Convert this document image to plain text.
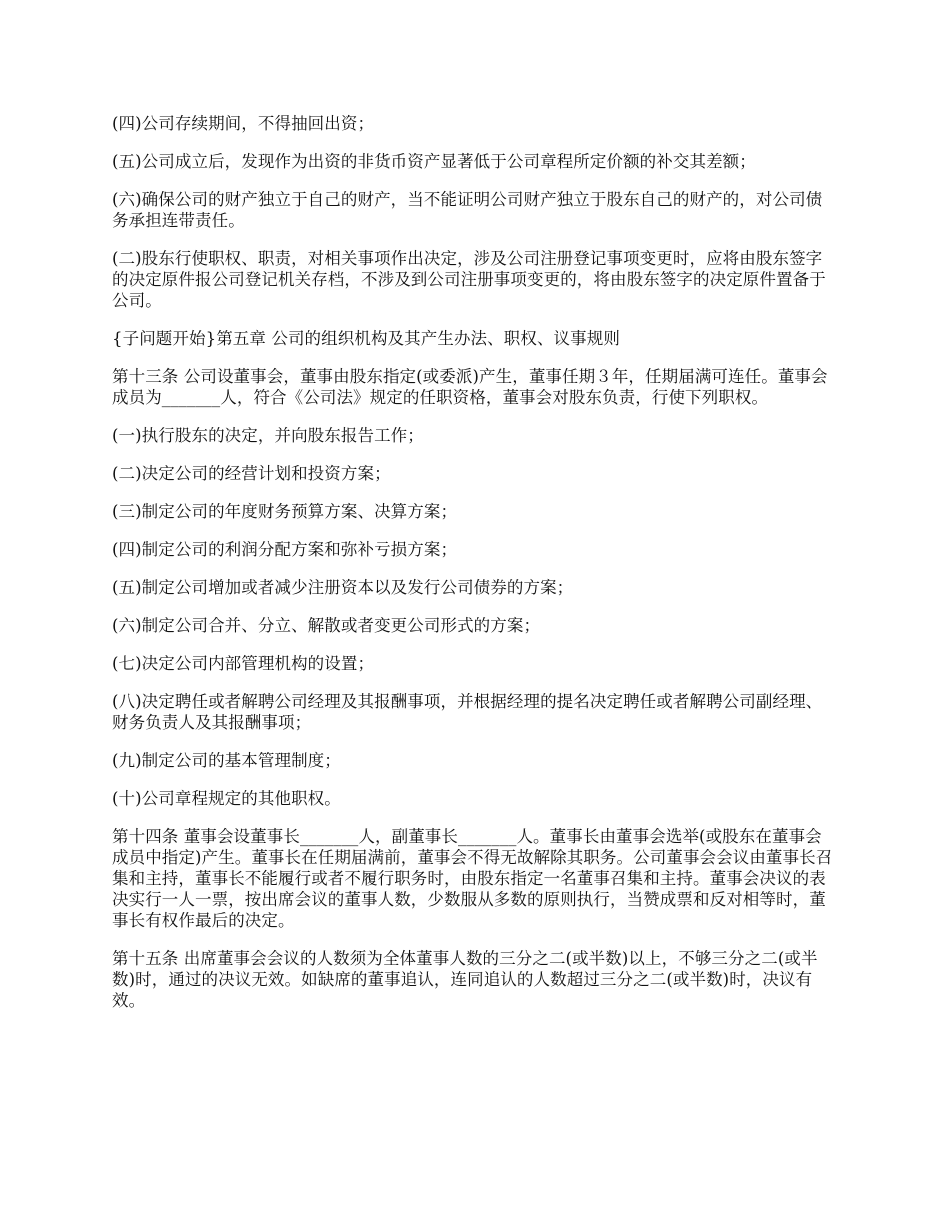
(四)公司存续期间，不得抽回出资；

(五)公司成立后，发现作为出资的非货币资产显著低于公司章程所定价额的补交其差额；

(六)确保公司的财产独立于自己的财产，当不能证明公司财产独立于股东自己的财产的，对公司债务承担连带责任。

(二)股东行使职权、职责，对相关事项作出决定，涉及公司注册登记事项变更时，应将由股东签字的决定原件报公司登记机关存档，不涉及到公司注册事项变更的，将由股东签字的决定原件置备于公司。

{子问题开始}第五章 公司的组织机构及其产生办法、职权、议事规则

第十三条 公司设董事会，董事由股东指定(或委派)产生，董事任期３年，任期届满可连任。董事会成员为_______人，符合《公司法》规定的任职资格，董事会对股东负责，行使下列职权。

(一)执行股东的决定，并向股东报告工作；

(二)决定公司的经营计划和投资方案；

(三)制定公司的年度财务预算方案、决算方案；

(四)制定公司的利润分配方案和弥补亏损方案；

(五)制定公司增加或者减少注册资本以及发行公司债券的方案；

(六)制定公司合并、分立、解散或者变更公司形式的方案；

(七)决定公司内部管理机构的设置；

(八)决定聘任或者解聘公司经理及其报酬事项，并根据经理的提名决定聘任或者解聘公司副经理、财务负责人及其报酬事项；

(九)制定公司的基本管理制度；

(十)公司章程规定的其他职权。

第十四条 董事会设董事长_______人，副董事长_______人。董事长由董事会选举(或股东在董事会成员中指定)产生。董事长在任期届满前，董事会不得无故解除其职务。公司董事会会议由董事长召集和主持，董事长不能履行或者不履行职务时，由股东指定一名董事召集和主持。董事会决议的表决实行一人一票，按出席会议的董事人数，少数服从多数的原则执行，当赞成票和反对相等时，董事长有权作最后的决定。

第十五条 出席董事会会议的人数须为全体董事人数的三分之二(或半数)以上，不够三分之二(或半数)时，通过的决议无效。如缺席的董事追认，连同追认的人数超过三分之二(或半数)时，决议有效。
